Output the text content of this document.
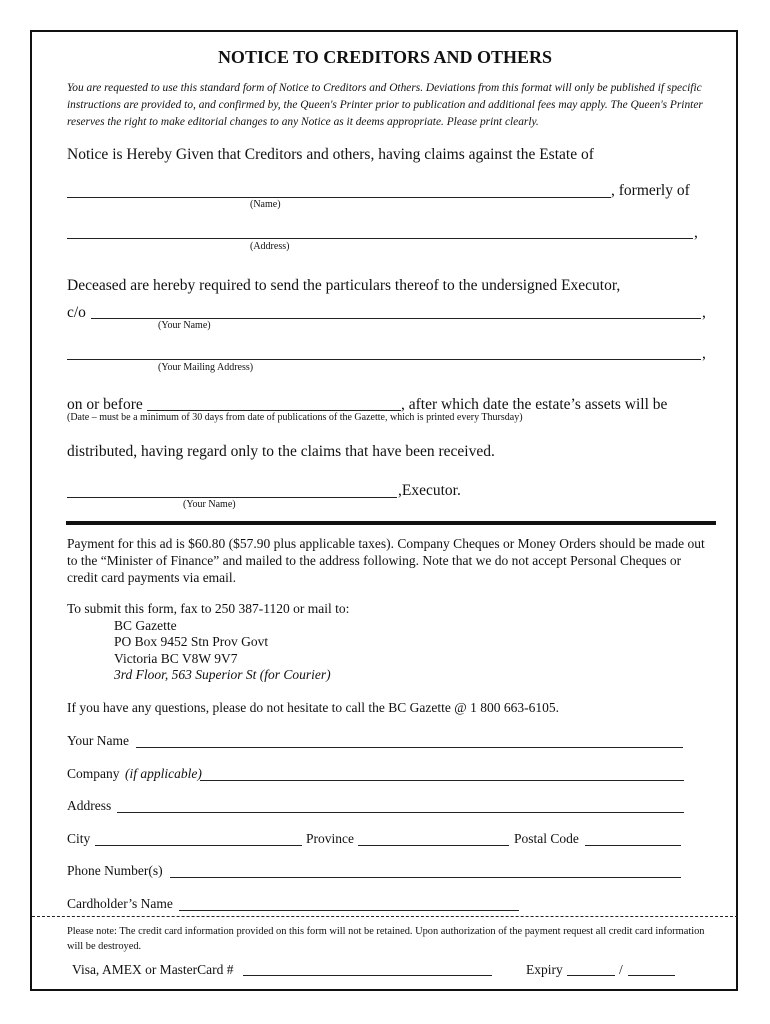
NOTICE TO CREDITORS AND OTHERS
You are requested to use this standard form of Notice to Creditors and Others. Deviations from this format will only be published if specific instructions are provided to, and confirmed by, the Queen's Printer prior to publication and additional fees may apply. The Queen's Printer reserves the right to make editorial changes to any Notice as it deems appropriate. Please print clearly.
Notice is Hereby Given that Creditors and others, having claims against the Estate of
, formerly of
(Name)
,
(Address)
Deceased are hereby required to send the particulars thereof to the undersigned Executor,
c/o	,
(Your Name)
,
(Your Mailing Address)
on or before	, after which date the estate’s assets will be
(Date – must be a minimum of 30 days from date of publications of the Gazette, which is printed every Thursday)
distributed, having regard only to the claims that have been received.
,Executor.
(Your Name)
Payment for this ad is $60.80 ($57.90 plus applicable taxes). Company Cheques or Money Orders should be made out to the “Minister of Finance” and mailed to the address following. Note that we do not accept Personal Cheques or credit card payments via email.
To submit this form, fax to 250 387-1120 or mail to:
BC Gazette
PO Box 9452 Stn Prov Govt
Victoria BC V8W 9V7
3rd Floor, 563 Superior St (for Courier)
If you have any questions, please do not hesitate to call the BC Gazette @ 1 800 663-6105.
Your Name
Company (if applicable)
Address
City	Province	Postal Code
Phone Number(s)
Cardholder’s Name
Please note: The credit card information provided on this form will not be retained. Upon authorization of the payment request all credit card information will be destroyed.
Visa, AMEX or MasterCard #	Expiry	/
